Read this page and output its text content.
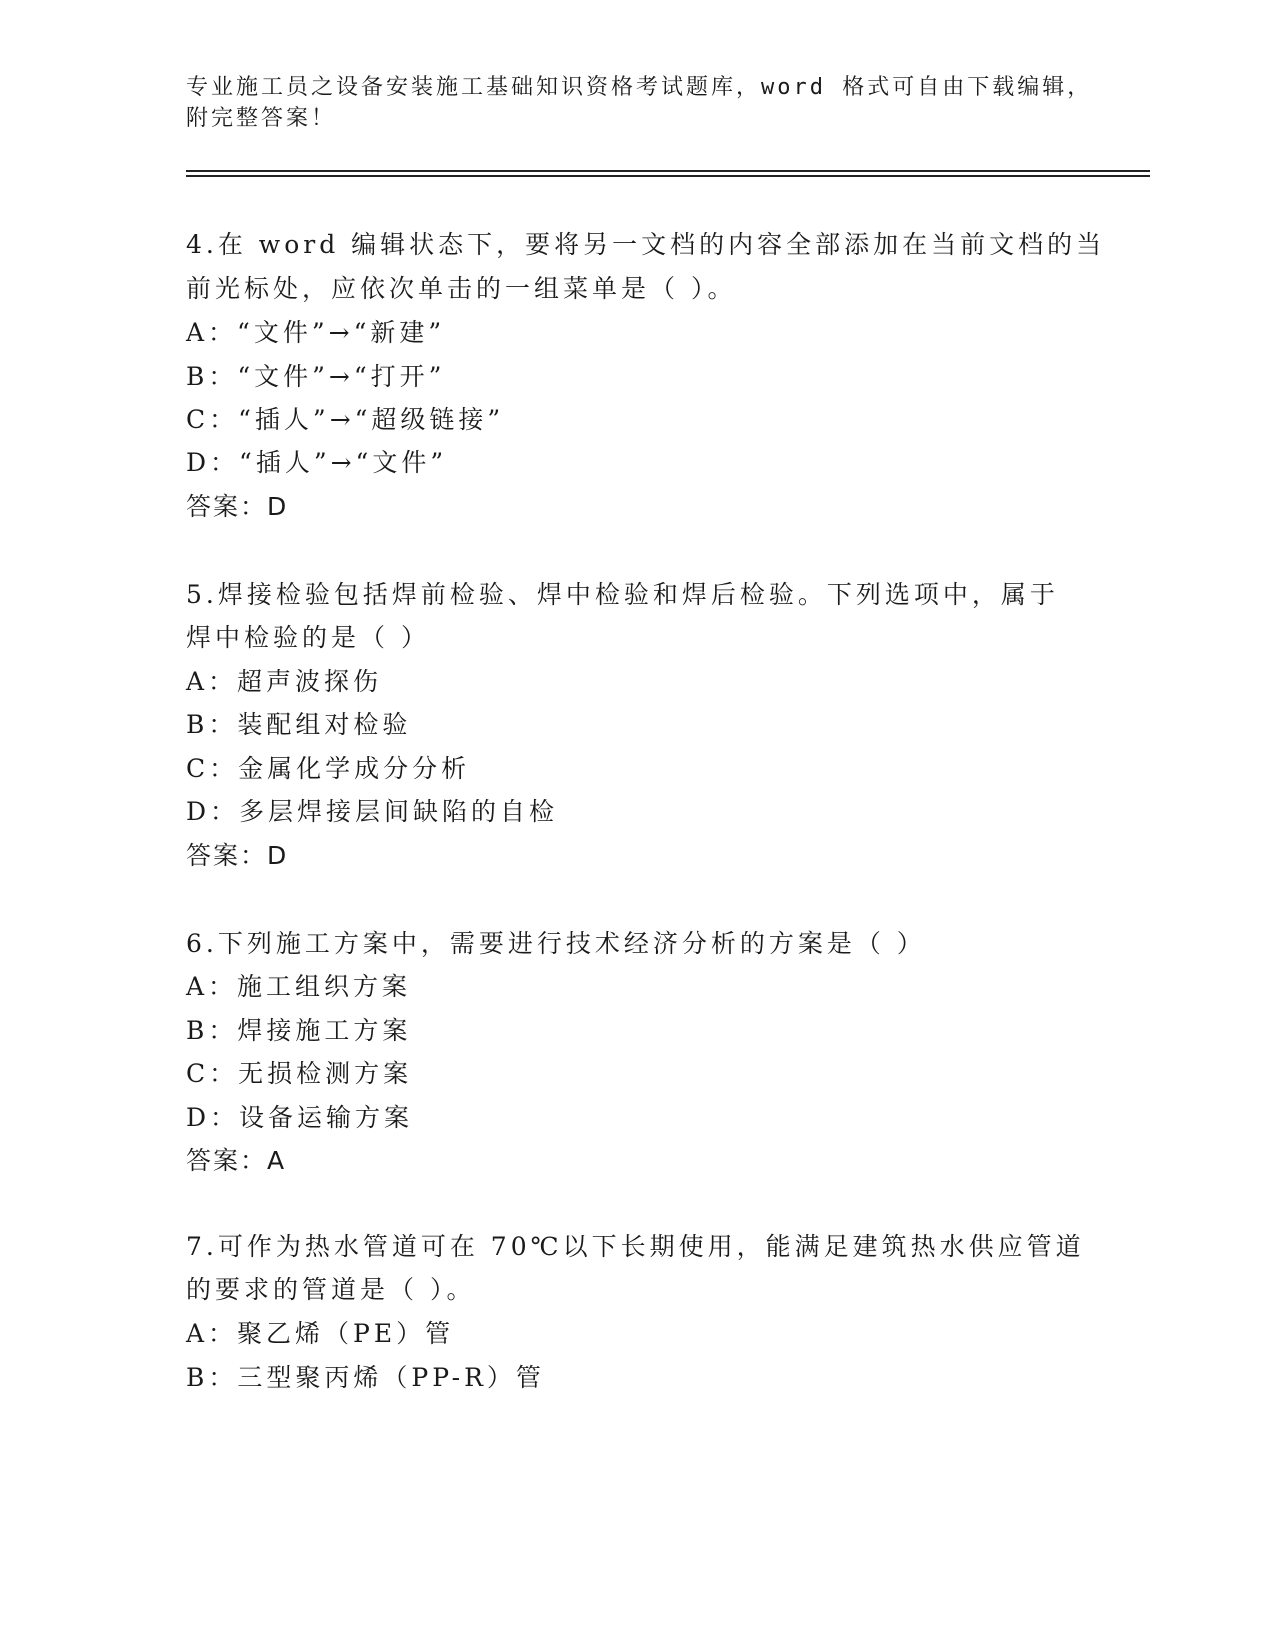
专业施工员之设备安装施工基础知识资格考试题库，word 格式可自由下载编辑，
附完整答案！
4.在 word 编辑状态下，要将另一文档的内容全部添加在当前文档的当
前光标处，应依次单击的一组菜单是（ ）。
A：“文件”→“新建”
B：“文件”→“打开”
C：“插人”→“超级链接”
D：“插人”→“文件”
答案：D
5.焊接检验包括焊前检验、焊中检验和焊后检验。下列选项中，属于
焊中检验的是（ ）
A：超声波探伤
B：装配组对检验
C：金属化学成分分析
D：多层焊接层间缺陷的自检
答案：D
6.下列施工方案中，需要进行技术经济分析的方案是（ ）
A：施工组织方案
B：焊接施工方案
C：无损检测方案
D：设备运输方案
答案：A
7.可作为热水管道可在 70℃以下长期使用，能满足建筑热水供应管道
的要求的管道是（ ）。
A：聚乙烯（PE）管
B：三型聚丙烯（PP-R）管
